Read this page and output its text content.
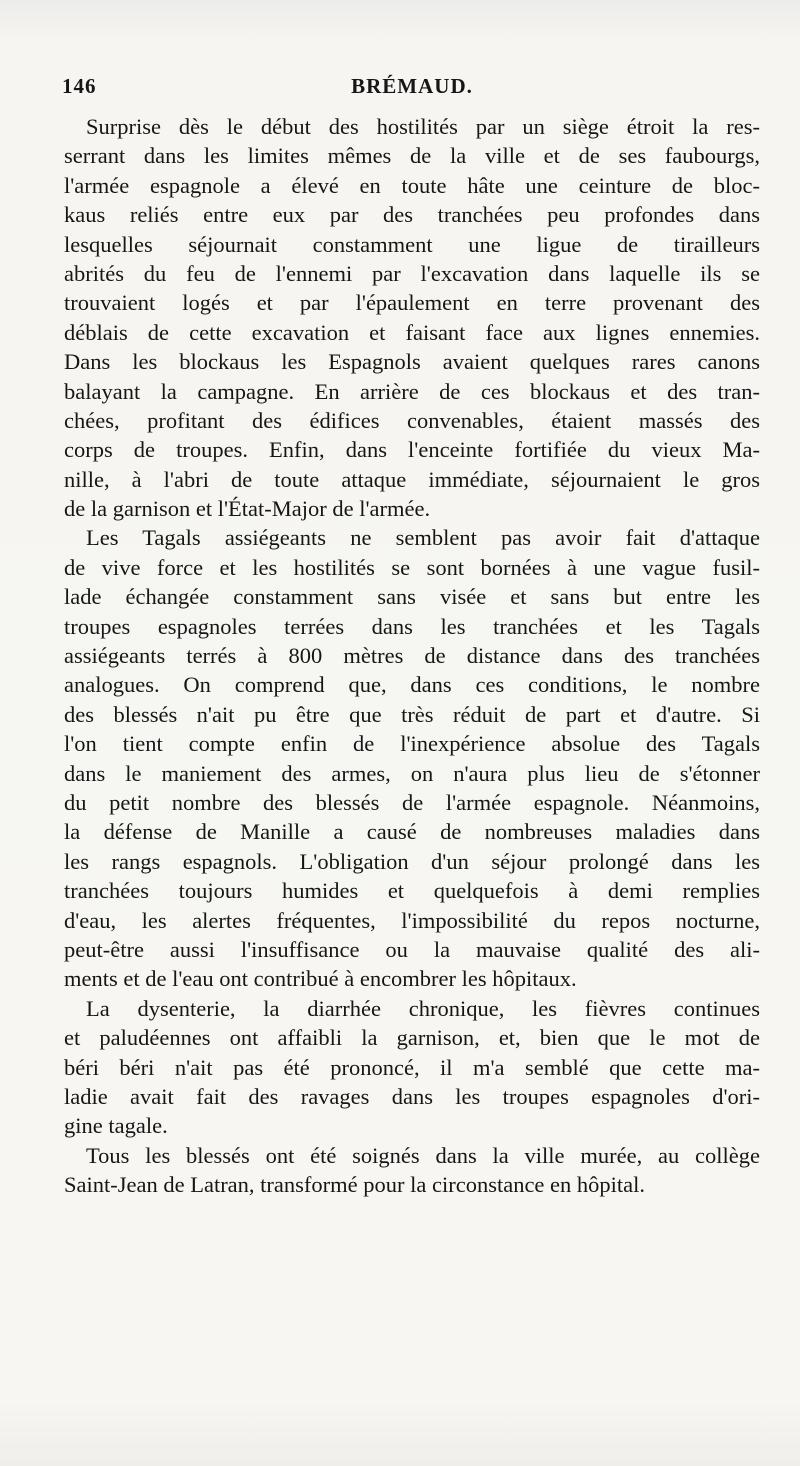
146	BRÉMAUD.
Surprise dès le début des hostilités par un siège étroit la res-
serrant dans les limites mêmes de la ville et de ses faubourgs,
l'armée espagnole a élevé en toute hâte une ceinture de bloc-
kaus reliés entre eux par des tranchées peu profondes dans
lesquelles séjournait constamment une ligue de tirailleurs
abrités du feu de l'ennemi par l'excavation dans laquelle ils se
trouvaient logés et par l'épaulement en terre provenant des
déblais de cette excavation et faisant face aux lignes ennemies.
Dans les blockaus les Espagnols avaient quelques rares canons
balayant la campagne. En arrière de ces blockaus et des tran-
chées, profitant des édifices convenables, étaient massés des
corps de troupes. Enfin, dans l'enceinte fortifiée du vieux Ma-
nille, à l'abri de toute attaque immédiate, séjournaient le gros
de la garnison et l'État-Major de l'armée.
Les Tagals assiégeants ne semblent pas avoir fait d'attaque
de vive force et les hostilités se sont bornées à une vague fusil-
lade échangée constamment sans visée et sans but entre les
troupes espagnoles terrées dans les tranchées et les Tagals
assiégeants terrés à 800 mètres de distance dans des tranchées
analogues. On comprend que, dans ces conditions, le nombre
des blessés n'ait pu être que très réduit de part et d'autre. Si
l'on tient compte enfin de l'inexpérience absolue des Tagals
dans le maniement des armes, on n'aura plus lieu de s'étonner
du petit nombre des blessés de l'armée espagnole. Néanmoins,
la défense de Manille a causé de nombreuses maladies dans
les rangs espagnols. L'obligation d'un séjour prolongé dans les
tranchées toujours humides et quelquefois à demi remplies
d'eau, les alertes fréquentes, l'impossibilité du repos nocturne,
peut-être aussi l'insuffisance ou la mauvaise qualité des ali-
ments et de l'eau ont contribué à encombrer les hôpitaux.
La dysenterie, la diarrhée chronique, les fièvres continues
et paludéennes ont affaibli la garnison, et, bien que le mot de
béri béri n'ait pas été prononcé, il m'a semblé que cette ma-
ladie avait fait des ravages dans les troupes espagnoles d'ori-
gine tagale.
Tous les blessés ont été soignés dans la ville murée, au collège
Saint-Jean de Latran, transformé pour la circonstance en hôpital.
